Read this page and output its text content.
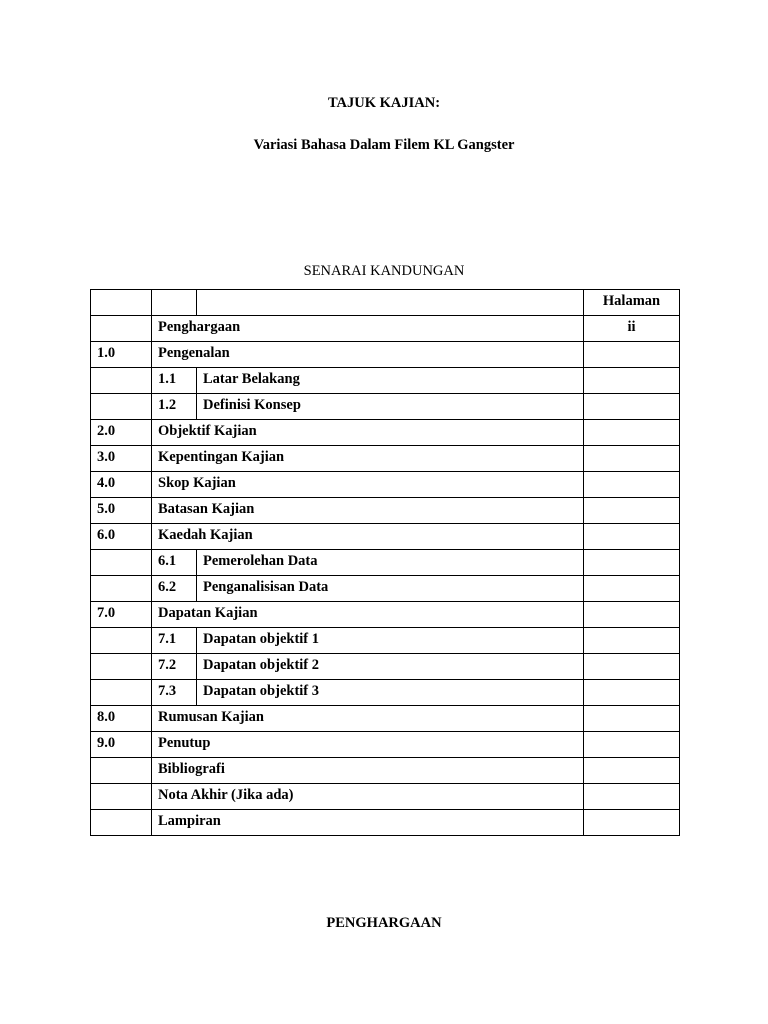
TAJUK KAJIAN:
Variasi Bahasa Dalam Filem KL Gangster
SENARAI KANDUNGAN
			Halaman
	Penghargaan		ii
1.0	Pengenalan		
	1.1	Latar Belakang	
	1.2	Definisi Konsep	
2.0	Objektif Kajian		
3.0	Kepentingan Kajian		
4.0	Skop Kajian		
5.0	Batasan Kajian		
6.0	Kaedah Kajian		
	6.1	Pemerolehan Data	
	6.2	Penganalisisan Data	
7.0	Dapatan Kajian		
	7.1	Dapatan objektif 1	
	7.2	Dapatan objektif 2	
	7.3	Dapatan objektif 3	
8.0	Rumusan Kajian		
9.0	Penutup		
	Bibliografi		
	Nota Akhir (Jika ada)		
	Lampiran		
PENGHARGAAN
